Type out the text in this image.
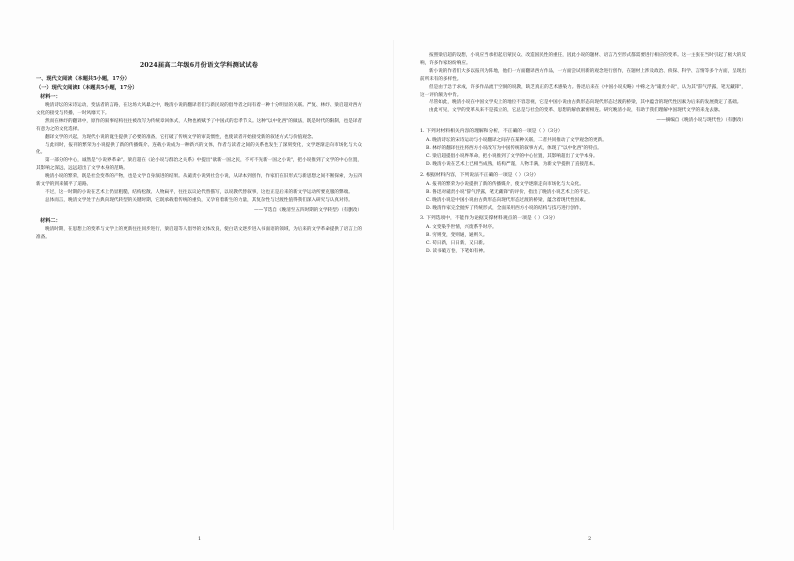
2024届高二年级6月份语文学科测试试卷
一、现代文阅读（本题共5小题，17分）
（一）现代文阅读I（本题共5小题，17分）
材料一：

晚清诗坛的宋诗运动，变法者的言路，在这场大风暴之中，晚清小说的翻译者们与新民说的倡导者之间有着一种十分明显的关联。严复、林纾、梁启超对西方文化的接受与传播，一时风靡天下。

然而在林纾的翻译中，原作的叙事结构往往被改写为传统章回体式，人物也被赋予了中国式的忠孝节义。这种"以中化西"的做法，既是时代的限制，也是译者有意为之的文化选择。

翻译文学的兴起，为现代小说的诞生提供了必要的准备，它打破了传统文学的审美惯性，也使读者开始接受新的叙述方式与价值观念。

与此同时，报刊的繁荣为小说提供了新的传播媒介。连载小说成为一种新兴的文体，作者与读者之间的关系也发生了深刻变化，文学逐渐走向市场化与大众化。

第一部分的中心，诚然是"小说界革命"。梁启超在《论小说与群治之关系》中提出"欲新一国之民，不可不先新一国之小说"，把小说推到了文学的中心位置，其影响之深远，远远超出了文学本身的范畴。

晚清小说的繁荣，既是社会变革的产物，也是文学自身演进的结果。从谴责小说到社会小说，从译本到创作，作家们在旧形式与新思想之间不断探索，为五四新文学的到来铺平了道路。

不过，这一时期的小说在艺术上仍显粗糙，结构松散、人物扁平，往往以议论代替描写，以说教代替叙事，这也正是后来的新文学运动所要克服的弊端。

总体而言，晚清文学处于古典向现代转型的关键时期，它既承载着传统的重负，又孕育着新生的力量，其复杂性与过渡性值得我们深入研究与认真对待。

——节选自《晚清至五四时期的文学转型》（有删改）
材料二：

晚清时期，在思想上的变革与文学上的更新往往同步进行，梁启超等人倡导的文体改良，使白话文逐步进入书面语的领域，为后来的文学革命提供了语言上的准备。

1

按照梁启超的设想，小说应当承担起启蒙民众、改造国民性的重任，因此小说的题材、语言乃至形式都需要进行相应的变革。这一主张在当时引起了极大的反响，许多作家纷纷响应。

新小说的作者们大多以报刊为阵地，他们一方面翻译西方作品，一方面尝试用新的观念进行创作，在题材上涉及政治、侦探、科学、言情等多个方面，呈现出前所未有的多样性。

但是由于急于求成，许多作品流于空洞的说教，缺乏真正的艺术感染力。鲁迅后来在《中国小说史略》中称之为"谴责小说"，认为其"辞气浮露，笔无藏锋"，这一评价颇为中肯。

尽管如此，晚清小说在中国文学史上的地位不容忽视，它是中国小说由古典形态向现代形态过渡的桥梁，其中蕴含的现代性因素为后来的发展奠定了基础。

由此可见，文学的变革从来不是孤立的，它总是与社会的变革、思想的解放紧密相连。研究晚清小说，有助于我们理解中国现代文学的来龙去脉。

——摘编自《晚清小说与现代性》（有删改）
1. 下列对材料相关内容的理解和分析，不正确的一项是（ ）（3分）
A. 晚清诗坛的宋诗运动与小说翻译之间存在某种关联，二者共同推动了文学观念的更新。
B. 林纾的翻译往往将西方小说改写为中国传统的叙事方式，体现了"以中化西"的特点。
C. 梁启超提倡小说界革命，把小说推到了文学的中心位置，其影响超出了文学本身。
D. 晚清小说在艺术上已相当成熟，结构严谨，人物丰满，为新文学提供了直接范本。
2. 根据材料内容，下列说法不正确的一项是（ ）（3分）
A. 报刊的繁荣为小说提供了新的传播媒介，使文学逐渐走向市场化与大众化。
B. 鲁迅对谴责小说"辞气浮露，笔无藏锋"的评价，指出了晚清小说艺术上的不足。
C. 晚清小说是中国小说由古典形态向现代形态过渡的桥梁，蕴含着现代性因素。
D. 晚清作家完全抛弃了传统形式，全面采用西方小说的结构与技巧进行创作。
3. 下列选项中，不能作为论据支撑材料观点的一项是（ ）（3分）
A. 文变染乎世情，兴废系乎时序。
B. 穷则变，变则通，通则久。
C. 苟日新，日日新，又日新。
D. 读书破万卷，下笔如有神。
2
